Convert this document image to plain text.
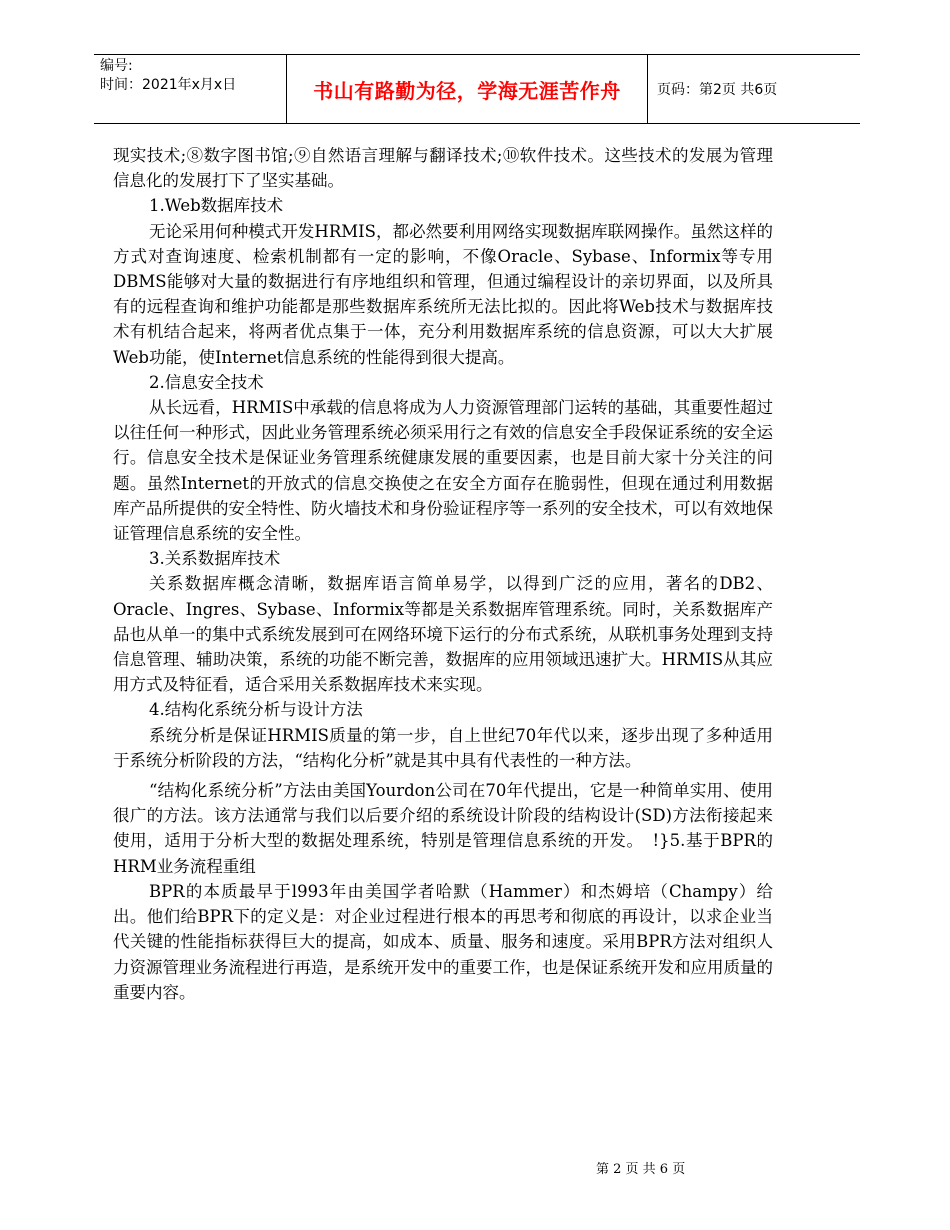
编号:
时间：2021年x月x日	书山有路勤为径，学海无涯苦作舟	页码：第2页 共6页

现实技术;⑧数字图书馆;⑨自然语言理解与翻译技术;⑩软件技术。这些技术的发展为管理信息化的发展打下了坚实基础。

1.Web数据库技术

无论采用何种模式开发HRMIS，都必然要利用网络实现数据库联网操作。虽然这样的方式对查询速度、检索机制都有一定的影响，不像Oracle、Sybase、Informix等专用DBMS能够对大量的数据进行有序地组织和管理，但通过编程设计的亲切界面，以及所具有的远程查询和维护功能都是那些数据库系统所无法比拟的。因此将Web技术与数据库技术有机结合起来，将两者优点集于一体，充分利用数据库系统的信息资源，可以大大扩展Web功能，使Internet信息系统的性能得到很大提高。

2.信息安全技术

从长远看，HRMIS中承载的信息将成为人力资源管理部门运转的基础，其重要性超过以往任何一种形式，因此业务管理系统必须采用行之有效的信息安全手段保证系统的安全运行。信息安全技术是保证业务管理系统健康发展的重要因素，也是目前大家十分关注的问题。虽然Internet的开放式的信息交换使之在安全方面存在脆弱性，但现在通过利用数据库产品所提供的安全特性、防火墙技术和身份验证程序等一系列的安全技术，可以有效地保证管理信息系统的安全性。

3.关系数据库技术

关系数据库概念清晰，数据库语言简单易学，以得到广泛的应用，著名的DB2、Oracle、Ingres、Sybase、Informix等都是关系数据库管理系统。同时，关系数据库产品也从单一的集中式系统发展到可在网络环境下运行的分布式系统，从联机事务处理到支持信息管理、辅助决策，系统的功能不断完善，数据库的应用领域迅速扩大。HRMIS从其应用方式及特征看，适合采用关系数据库技术来实现。

4.结构化系统分析与设计方法

系统分析是保证HRMIS质量的第一步，自上世纪70年代以来，逐步出现了多种适用于系统分析阶段的方法，“结构化分析”就是其中具有代表性的一种方法。

“结构化系统分析”方法由美国Yourdon公司在70年代提出，它是一种简单实用、使用很广的方法。该方法通常与我们以后要介绍的系统设计阶段的结构设计(SD)方法衔接起来使用，适用于分析大型的数据处理系统，特别是管理信息系统的开发。　!}5.基于BPR的HRM业务流程重组

BPR的本质最早于l993年由美国学者哈默（Hammer）和杰姆培（Champy）给出。他们给BPR下的定义是：对企业过程进行根本的再思考和彻底的再设计，以求企业当代关键的性能指标获得巨大的提高，如成本、质量、服务和速度。采用BPR方法对组织人力资源管理业务流程进行再造，是系统开发中的重要工作，也是保证系统开发和应用质量的重要内容。

第 2 页 共 6 页
